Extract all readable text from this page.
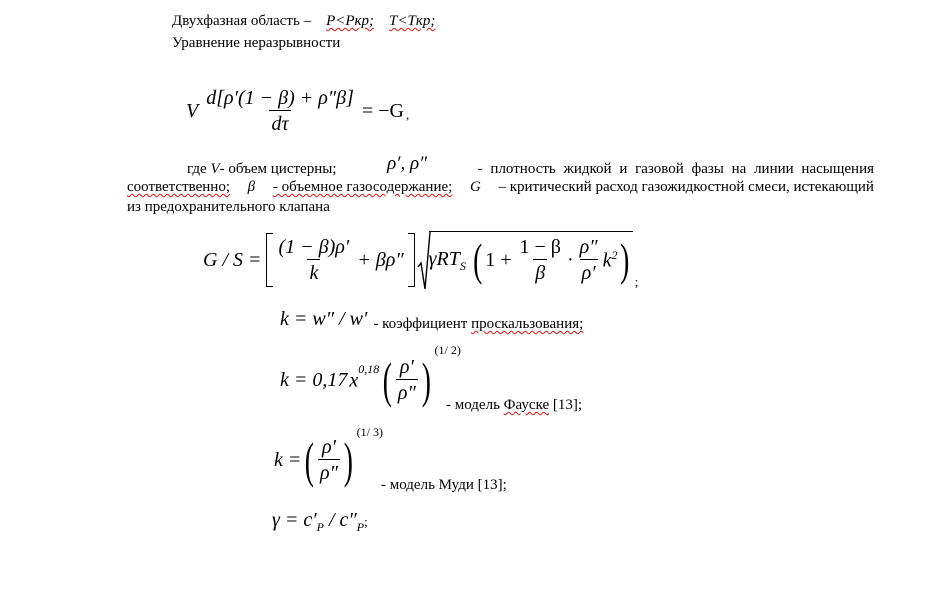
Двухфазная область – P<Pкр; T<Tкр;
Уравнение неразрывности
V $\frac{d[\rho'(1 - \beta) + \rho''\beta]}{d\tau} = -G$ ,
где V- объем цистерны;	ρ′, ρ″	- плотность жидкой и газовой фазы на линии насыщения
соответственно; β - объемное газосодержание; G – критический расход газожидкостной смеси, истекающий
из предохранительного клапана
$G / S = \frac{(1 - \beta)\rho'}{k} + \beta\rho''$ γRT$_S$ ( $1 + \frac{1 - \beta}{\beta} \cdot \frac{\rho''}{\rho'} k^2$ ) ;
k = w″ / w′ - коэффициент проскальзования;
k = 0,17 $x^{0,18}$ ( $\frac{\rho'}{\rho''}$ )
(1/ 2)
- модель Фауске [13];
k = ( $\frac{\rho'}{\rho''}$ ) (1/ 3)
- модель Муди [13];
$\gamma = c'_P / c''_P$;
